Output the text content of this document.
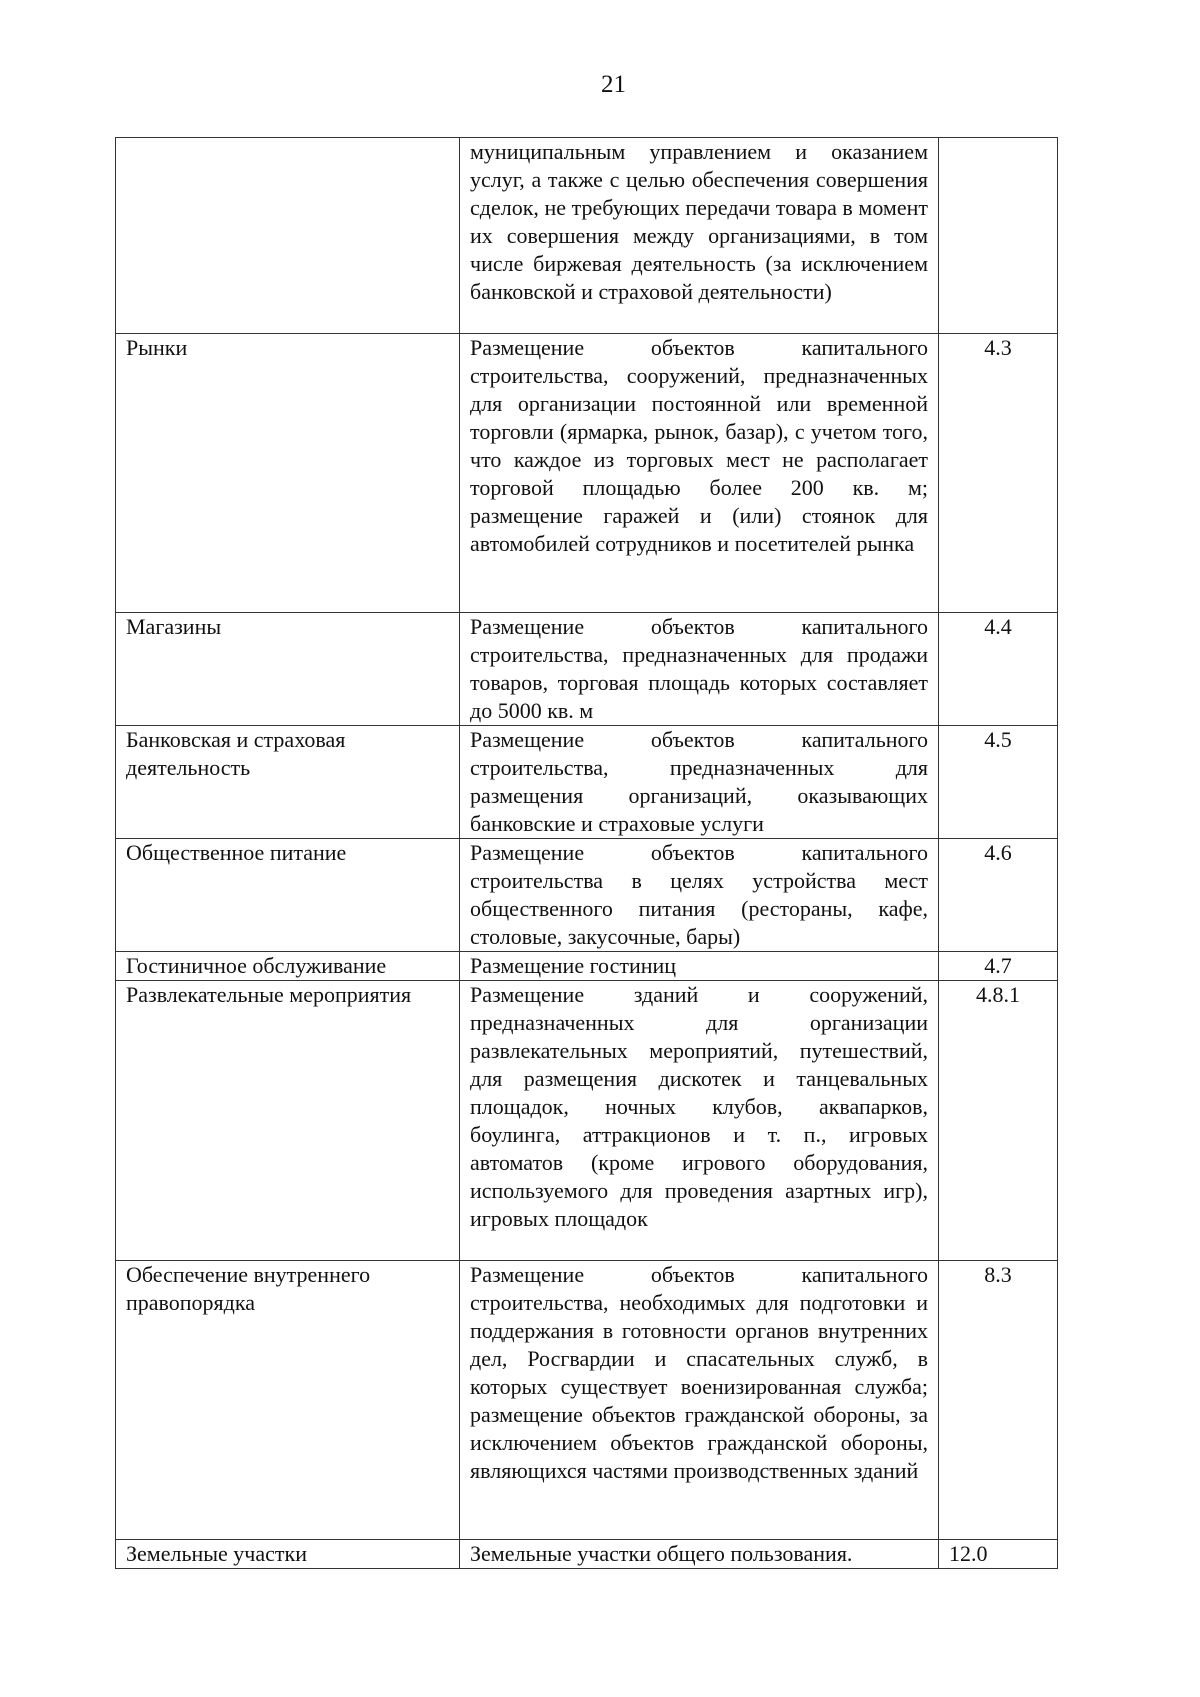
21
	муниципальным управлением и оказанием услуг, а также с целью обеспечения совершения сделок, не требующих передачи товара в момент их совершения между организациями, в том числе биржевая деятельность (за исключением банковской и страховой деятельности)	
Рынки	Размещение объектов капитального строительства, сооружений, предназначенных для организации постоянной или временной торговли (ярмарка, рынок, базар), с учетом того, что каждое из торговых мест не располагает торговой площадью более 200 кв. м; размещение гаражей и (или) стоянок для автомобилей сотрудников и посетителей рынка	4.3
Магазины	Размещение объектов капитального строительства, предназначенных для продажи товаров, торговая площадь которых составляет до 5000 кв. м	4.4
Банковская и страховая деятельность	Размещение объектов капитального строительства, предназначенных для размещения организаций, оказывающих банковские и страховые услуги	4.5
Общественное питание	Размещение объектов капитального строительства в целях устройства мест общественного питания (рестораны, кафе, столовые, закусочные, бары)	4.6
Гостиничное обслуживание	Размещение гостиниц	4.7
Развлекательные мероприятия	Размещение зданий и сооружений, предназначенных для организации развлекательных мероприятий, путешествий, для размещения дискотек и танцевальных площадок, ночных клубов, аквапарков, боулинга, аттракционов и т. п., игровых автоматов (кроме игрового оборудования, используемого для проведения азартных игр), игровых площадок	4.8.1
Обеспечение внутреннего правопорядка	Размещение объектов капитального строительства, необходимых для подготовки и поддержания в готовности органов внутренних дел, Росгвардии и спасательных служб, в которых существует военизированная служба; размещение объектов гражданской обороны, за исключением объектов гражданской обороны, являющихся частями производственных зданий	8.3
Земельные участки	Земельные участки общего пользования.	12.0
